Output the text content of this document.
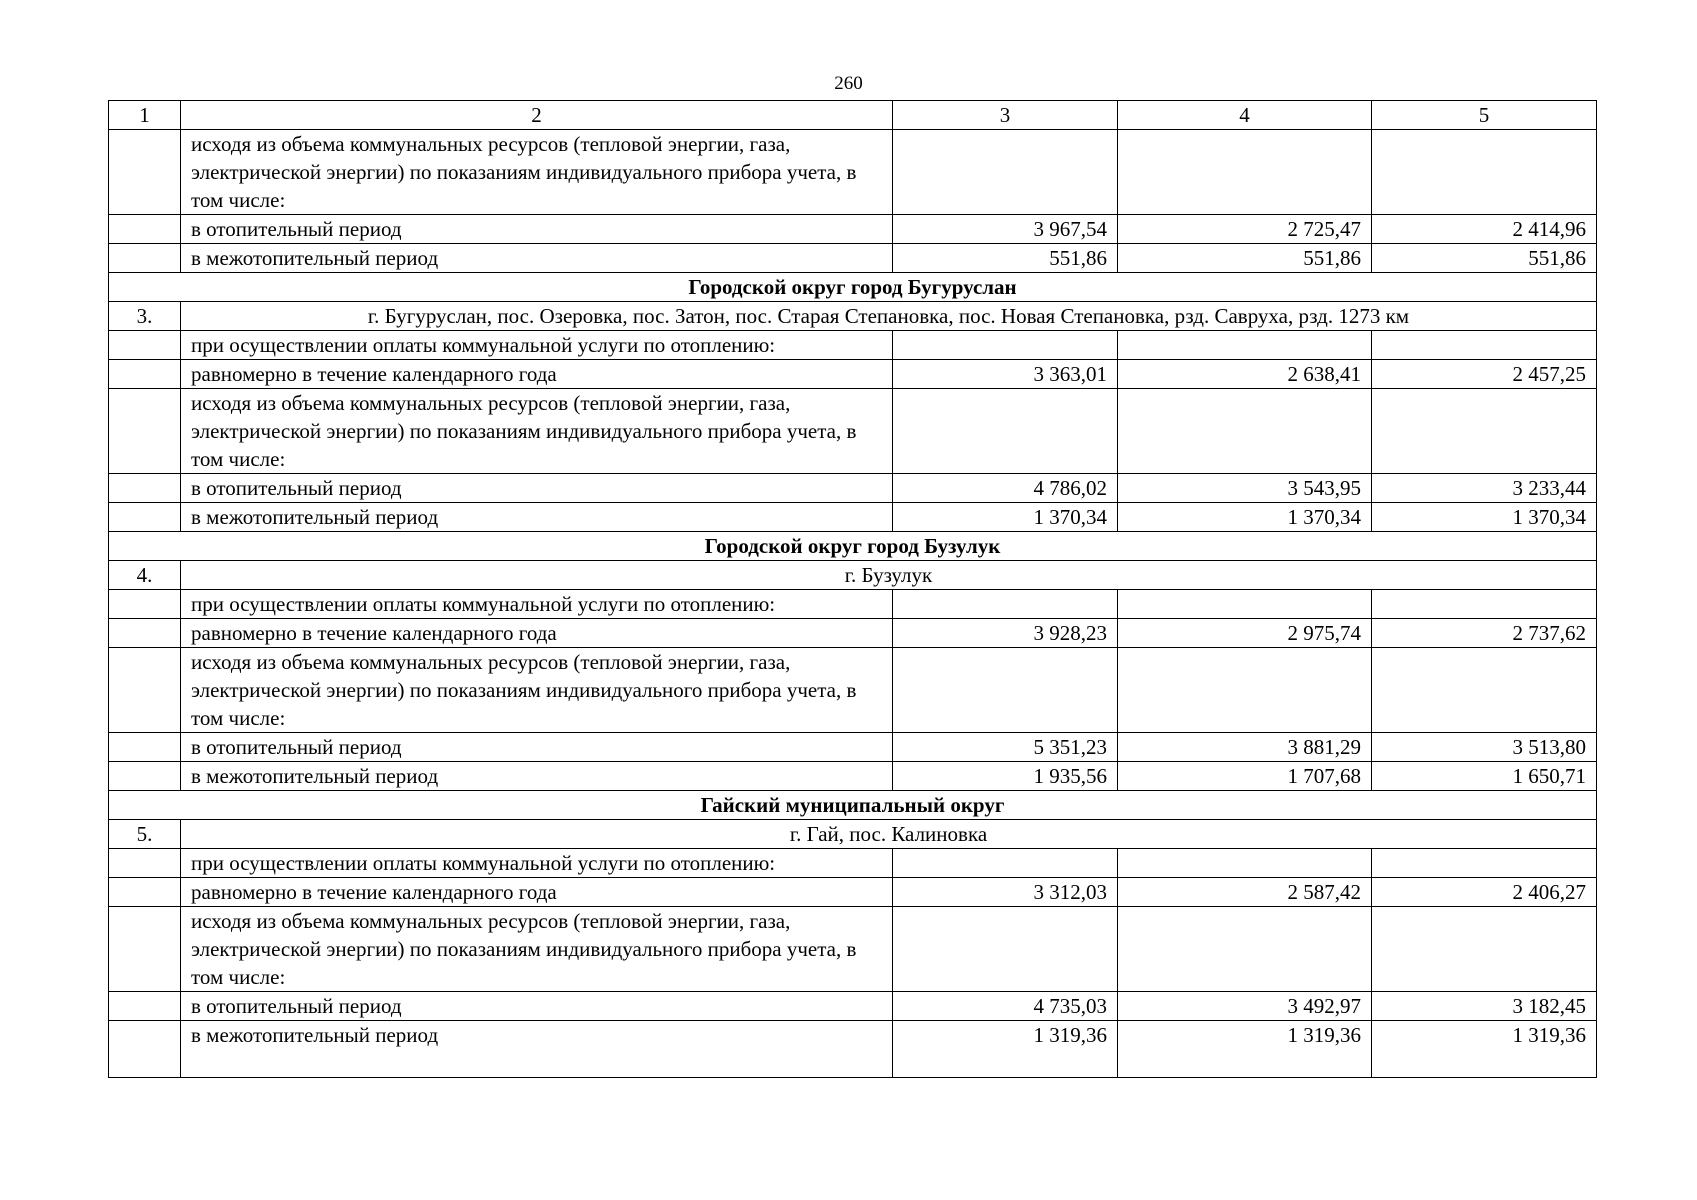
260
1	2	3	4	5
	исходя из объема коммунальных ресурсов (тепловой энергии, газа, электрической энергии) по показаниям индивидуального прибора учета, в том числе:			
	в отопительный период	3 967,54	2 725,47	2 414,96
	в межотопительный период	551,86	551,86	551,86
Городской округ город Бугуруслан				
3.	г. Бугуруслан, пос. Озеровка, пос. Затон, пос. Старая Степановка, пос. Новая Степановка, рзд. Савруха, рзд. 1273 км			
	при осуществлении оплаты коммунальной услуги по отоплению:			
	равномерно в течение календарного года	3 363,01	2 638,41	2 457,25
	исходя из объема коммунальных ресурсов (тепловой энергии, газа, электрической энергии) по показаниям индивидуального прибора учета, в том числе:			
	в отопительный период	4 786,02	3 543,95	3 233,44
	в межотопительный период	1 370,34	1 370,34	1 370,34
Городской округ город Бузулук				
4.	г. Бузулук			
	при осуществлении оплаты коммунальной услуги по отоплению:			
	равномерно в течение календарного года	3 928,23	2 975,74	2 737,62
	исходя из объема коммунальных ресурсов (тепловой энергии, газа, электрической энергии) по показаниям индивидуального прибора учета, в том числе:			
	в отопительный период	5 351,23	3 881,29	3 513,80
	в межотопительный период	1 935,56	1 707,68	1 650,71
Гайский муниципальный округ				
5.	г. Гай, пос. Калиновка			
	при осуществлении оплаты коммунальной услуги по отоплению:			
	равномерно в течение календарного года	3 312,03	2 587,42	2 406,27
	исходя из объема коммунальных ресурсов (тепловой энергии, газа, электрической энергии) по показаниям индивидуального прибора учета, в том числе:			
	в отопительный период	4 735,03	3 492,97	3 182,45
	в межотопительный период	1 319,36	1 319,36	1 319,36
